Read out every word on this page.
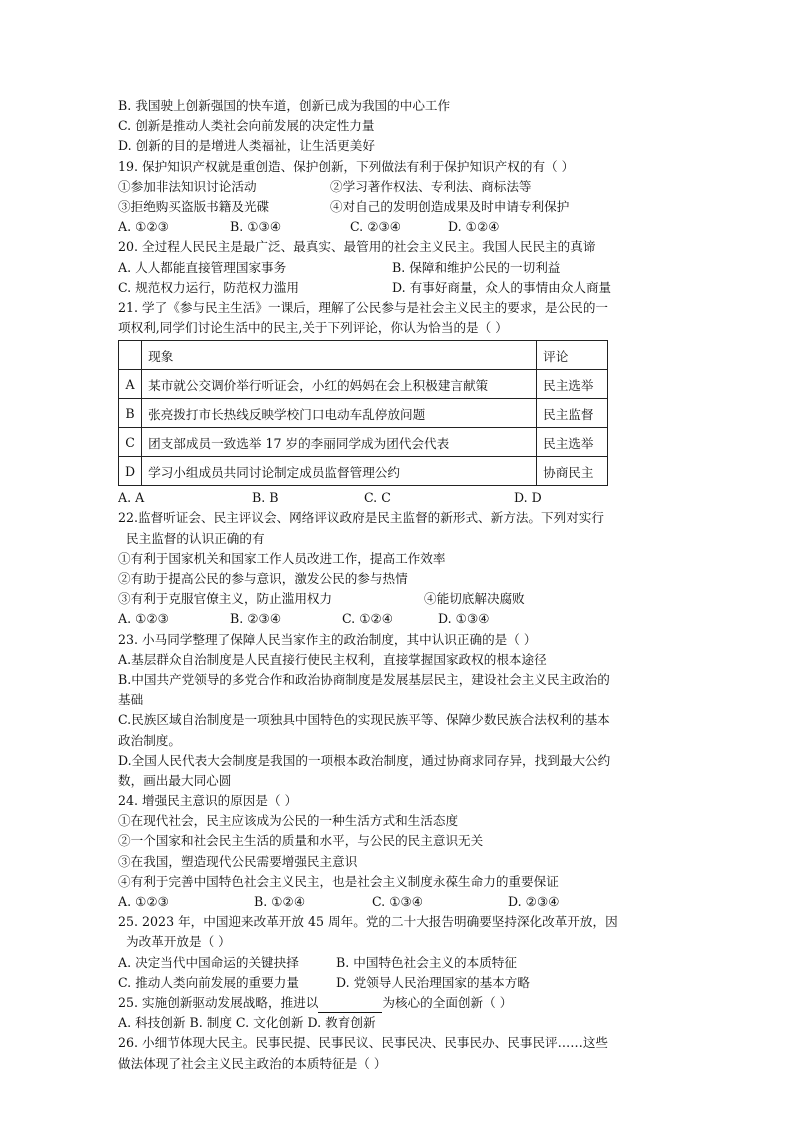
B. 我国驶上创新强国的快车道，创新已成为我国的中心工作
C. 创新是推动人类社会向前发展的决定性力量
D. 创新的目的是增进人类福祉，让生活更美好
19. 保护知识产权就是重创造、保护创新，下列做法有利于保护知识产权的有（ ）
①参加非法知识讨论活动	②学习著作权法、专利法、商标法等
③拒绝购买盗版书籍及光碟	④对自己的发明创造成果及时申请专利保护
A. ①②③	B. ①③④	C. ②③④	D. ①②④
20. 全过程人民民主是最广泛、最真实、最管用的社会主义民主。我国人民民主的真谛
A. 人人都能直接管理国家事务	B. 保障和维护公民的一切利益
C. 规范权力运行，防范权力滥用	D. 有事好商量，众人的事情由众人商量
21. 学了《参与民主生活》一课后，理解了公民参与是社会主义民主的要求，是公民的一
项权利,同学们讨论生活中的民主,关于下列评论，你认为恰当的是（ ）
	现象	评论
A	某市就公交调价举行听证会，小红的妈妈在会上积极建言献策	民主选举
B	张亮拨打市长热线反映学校门口电动车乱停放问题	民主监督
C	团支部成员一致选举 17 岁的李丽同学成为团代会代表	民主选举
D	学习小组成员共同讨论制定成员监督管理公约	协商民主
A. A	B. B	C. C	D. D
22.监督听证会、民主评议会、网络评议政府是民主监督的新形式、新方法。下列对实行
民主监督的认识正确的有
①有利于国家机关和国家工作人员改进工作，提高工作效率
②有助于提高公民的参与意识，激发公民的参与热情
③有利于克服官僚主义，防止滥用权力	④能切底解决腐败
A. ①②③	B. ②③④	C. ①②④	D. ①③④
23. 小马同学整理了保障人民当家作主的政治制度，其中认识正确的是（ ）
A.基层群众自治制度是人民直接行使民主权利，直接掌握国家政权的根本途径
B.中国共产党领导的多党合作和政治协商制度是发展基层民主，建设社会主义民主政治的
基础
C.民族区域自治制度是一项独具中国特色的实现民族平等、保障少数民族合法权利的基本
政治制度。
D.全国人民代表大会制度是我国的一项根本政治制度，通过协商求同存异，找到最大公约
数，画出最大同心圆
24. 增强民主意识的原因是（ ）
①在现代社会，民主应该成为公民的一种生活方式和生活态度
②一个国家和社会民主生活的质量和水平，与公民的民主意识无关
③在我国，塑造现代公民需要增强民主意识
④有利于完善中国特色社会主义民主，也是社会主义制度永葆生命力的重要保证
A. ①②③	B. ①②④	C. ①③④	D. ②③④
25. 2023 年，中国迎来改革开放 45 周年。党的二十大报告明确要坚持深化改革开放，因
为改革开放是（ ）
A. 决定当代中国命运的关键抉择	B. 中国特色社会主义的本质特征
C. 推动人类向前发展的重要力量	D. 党领导人民治理国家的基本方略
25. 实施创新驱动发展战略，推进以	为核心的全面创新（ ）
A. 科技创新 B. 制度 C. 文化创新 D. 教育创新
26. 小细节体现大民主。民事民提、民事民议、民事民决、民事民办、民事民评……这些
做法体现了社会主义民主政治的本质特征是（ ）
